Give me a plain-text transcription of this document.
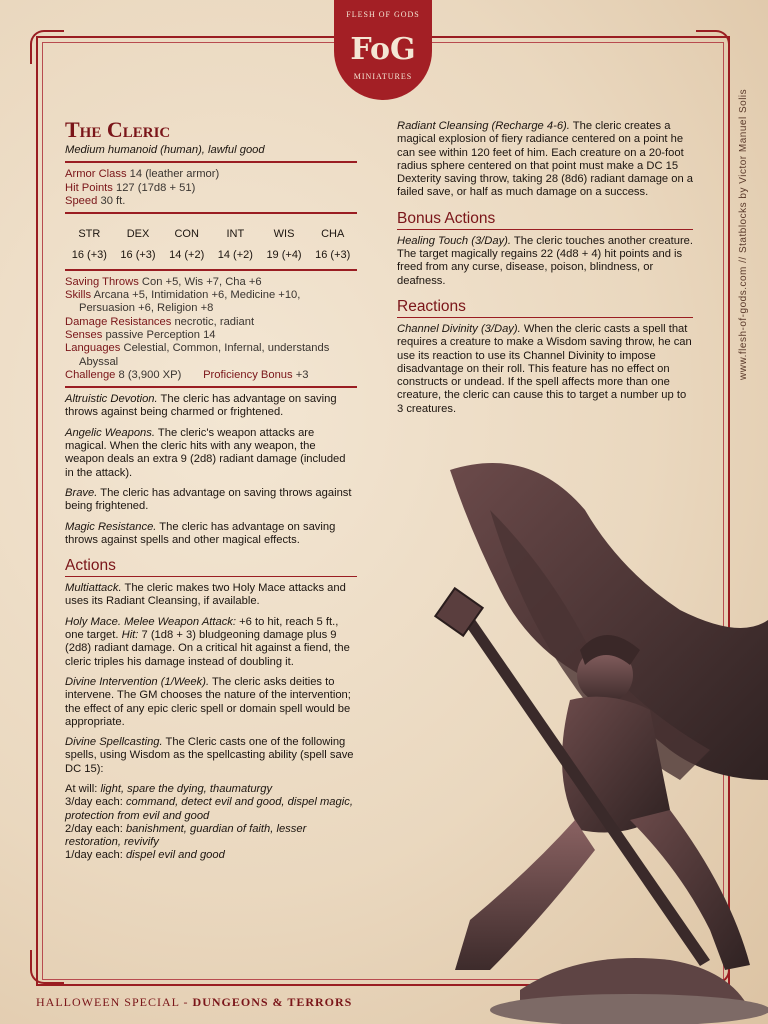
FLESH OF GODS
FoG
MINIATURES
www.flesh-of-gods.com // Statblocks by Victor Manuel Solis
The Cleric
Medium humanoid (human), lawful good
Armor Class 14 (leather armor)
Hit Points 127 (17d8 + 51)
Speed 30 ft.
STR
16 (+3)
DEX
16 (+3)
CON
14 (+2)
INT
14 (+2)
WIS
19 (+4)
CHA
16 (+3)
Saving Throws Con +5, Wis +7, Cha +6
Skills Arcana +5, Intimidation +6, Medicine +10,
Persuasion +6, Religion +8
Damage Resistances necrotic, radiant
Senses passive Perception 14
Languages Celestial, Common, Infernal, understands
Abyssal
Challenge 8 (3,900 XP) Proficiency Bonus +3

Altruistic Devotion. The cleric has advantage on saving throws against being charmed or frightened.

Angelic Weapons. The cleric's weapon attacks are magical. When the cleric hits with any weapon, the weapon deals an extra 9 (2d8) radiant damage (included in the attack).

Brave. The cleric has advantage on saving throws against being frightened.

Magic Resistance. The cleric has advantage on saving throws against spells and other magical effects.

Actions

Multiattack. The cleric makes two Holy Mace attacks and uses its Radiant Cleansing, if available.

Holy Mace. Melee Weapon Attack: +6 to hit, reach 5 ft., one target. Hit: 7 (1d8 + 3) bludgeoning damage plus 9 (2d8) radiant damage. On a critical hit against a fiend, the cleric triples his damage instead of doubling it.

Divine Intervention (1/Week). The cleric asks deities to intervene. The GM chooses the nature of the intervention; the effect of any epic cleric spell or domain spell would be appropriate.

Divine Spellcasting. The Cleric casts one of the following spells, using Wisdom as the spellcasting ability (spell save DC 15):

At will: light, spare the dying, thaumaturgy
3/day each: command, detect evil and good, dispel magic, protection from evil and good
2/day each: banishment, guardian of faith, lesser restoration, revivify
1/day each: dispel evil and good

Radiant Cleansing (Recharge 4-6). The cleric creates a magical explosion of fiery radiance centered on a point he can see within 120 feet of him. Each creature on a 20-foot radius sphere centered on that point must make a DC 15 Dexterity saving throw, taking 28 (8d6) radiant damage on a failed save, or half as much damage on a success.

Bonus Actions

Healing Touch (3/Day). The cleric touches another creature. The target magically regains 22 (4d8 + 4) hit points and is freed from any curse, disease, poison, blindness, or deafness.

Reactions

Channel Divinity (3/Day). When the cleric casts a spell that requires a creature to make a Wisdom saving throw, he can use its reaction to use its Channel Divinity to impose disadvantage on their roll. This feature has no effect on constructs or undead. If the spell affects more than one creature, the cleric can cause this to target a number up to 3 creatures.

HALLOWEEN SPECIAL - DUNGEONS & TERRORS
